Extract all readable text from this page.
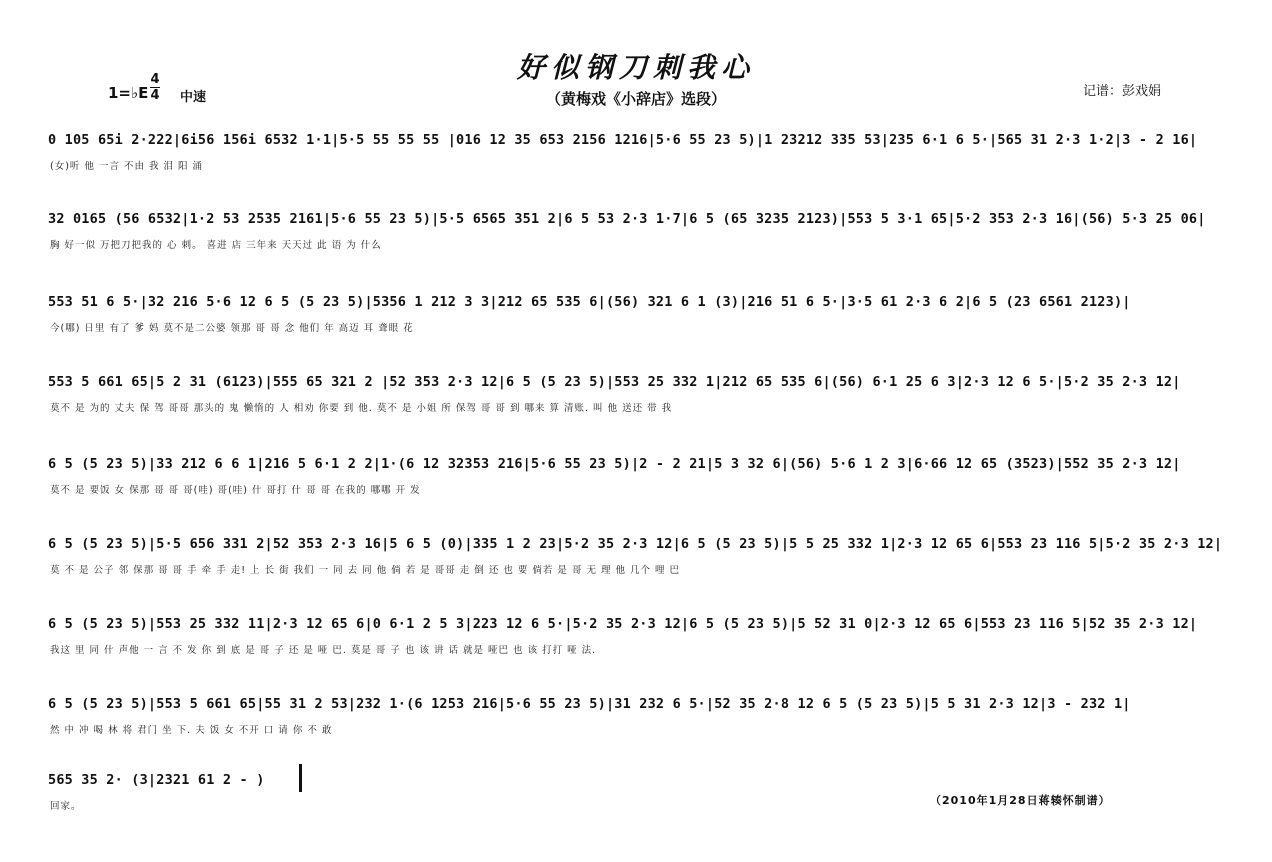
好似钢刀刺我心
（黄梅戏《小辞店》选段）
1=♭E
4
4 中速	记谱：彭戏娟
0 105 65i 2·222|6i56 156i 6532 1·1|5·5 55 55 55 |016 12 35 653 2156 1216|5·6 55 23 5)|1 23212 335 53|235 6·1 6 5·|565 31 2·3 1·2|3 - 2 16|
(女)听 他 一言 不由 我 泪 阳 涌
32 0165 (56 6532|1·2 53 2535 2161|5·6 55 23 5)|5·5 6565 351 2|6 5 53 2·3 1·7|6 5 (65 3235 2123)|553 5 3·1 65|5·2 353 2·3 16|(56) 5·3 25 06|
胸 好一似 万把刀把我的 心 刺。 喜进 店 三年来 天天过 此 语 为 什么
553 51 6 5·|32 216 5·6 12 6 5 (5 23 5)|5356 1 212 3 3|212 65 535 6|(56) 321 6 1 (3)|216 51 6 5·|3·5 61 2·3 6 2|6 5 (23 6561 2123)|
今(哪) 日里 有了 爹 妈 莫不是二公婆 领那 哥 哥 念 他们 年 高迈 耳 聋眼 花
553 5 661 65|5 2 31 (6123)|555 65 321 2 |52 353 2·3 12|6 5 (5 23 5)|553 25 332 1|212 65 535 6|(56) 6·1 25 6 3|2·3 12 6 5·|5·2 35 2·3 12|
莫不 是 为的 丈夫 保 驾 哥哥 那头的 鬼 懒惰的 人 相劝 你要 到 他. 莫不 是 小姐 所 保驾 哥 哥 到 哪来 算 清账. 叫 他 送还 带 我
6 5 (5 23 5)|33 212 6 6 1|216 5 6·1 2 2|1·(6 12 32353 216|5·6 55 23 5)|2 - 2 21|5 3 32 6|(56) 5·6 1 2 3|6·66 12 65 (3523)|552 35 2·3 12|
莫不 是 要饭 女 保那 哥 哥 哥(哇) 哥(哇) 什 哥打 什 哥 哥 在我的 哪哪 开 发
6 5 (5 23 5)|5·5 656 331 2|52 353 2·3 16|5 6 5 (0)|335 1 2 23|5·2 35 2·3 12|6 5 (5 23 5)|5 5 25 332 1|2·3 12 65 6|553 23 116 5|5·2 35 2·3 12|
莫 不 是 公子 邻 保那 哥 哥 手 牵 手 走! 上 长 街 我们 一 同 去 同 他 倘 若 是 哥哥 走 倒 还 也 要 倘若 是 哥 无 理 他 几个 哩 巴
6 5 (5 23 5)|553 25 332 11|2·3 12 65 6|0 6·1 2 5 3|223 12 6 5·|5·2 35 2·3 12|6 5 (5 23 5)|5 52 31 0|2·3 12 65 6|553 23 116 5|52 35 2·3 12|
我这 里 同 什 声他 一 言 不 发 你 到 底 是 哥 子 还 是 哑 巴. 莫是 哥 子 也 该 讲 话 就是 哑巴 也 该 打打 哑 法.
6 5 (5 23 5)|553 5 661 65|55 31 2 53|232 1·(6 1253 216|5·6 55 23 5)|31 232 6 5·|52 35 2·8 12 6 5 (5 23 5)|5 5 31 2·3 12|3 - 232 1|
然 中 冲 喝 林 将 君门 坐 下. 夫 饭 女 不开 口 请 你 不 敢
565 35 2· (3|2321 61 2 - )
回家。	（2010年1月28日蒋辏怀制谱）
